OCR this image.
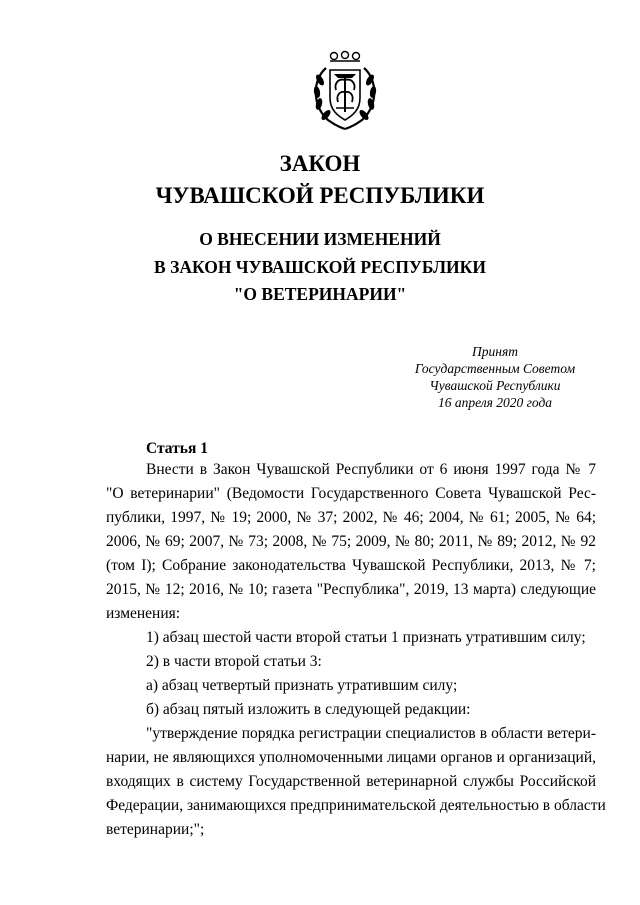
ЗАКОН
ЧУВАШСКОЙ РЕСПУБЛИКИ
О ВНЕСЕНИИ ИЗМЕНЕНИЙ
В ЗАКОН ЧУВАШСКОЙ РЕСПУБЛИКИ
"О ВЕТЕРИНАРИИ"
Принят
Государственным Советом
Чувашской Республики
16 апреля 2020 года
Статья 1
Внести в Закон Чувашской Республики от 6 июня 1997 года № 7
"О ветеринарии" (Ведомости Государственного Совета Чувашской Рес-
публики, 1997, № 19; 2000, № 37; 2002, № 46; 2004, № 61; 2005, № 64;
2006, № 69; 2007, № 73; 2008, № 75; 2009, № 80; 2011, № 89; 2012, № 92
(том I); Собрание законодательства Чувашской Республики, 2013, № 7;
2015, № 12; 2016, № 10; газета "Республика", 2019, 13 марта) следующие
изменения:
1) абзац шестой части второй статьи 1 признать утратившим силу;
2) в части второй статьи 3:
а) абзац четвертый признать утратившим силу;
б) абзац пятый изложить в следующей редакции:
"утверждение порядка регистрации специалистов в области ветери-
нарии, не являющихся уполномоченными лицами органов и организаций,
входящих в систему Государственной ветеринарной службы Российской
Федерации, занимающихся предпринимательской деятельностью в области
ветеринарии;";
